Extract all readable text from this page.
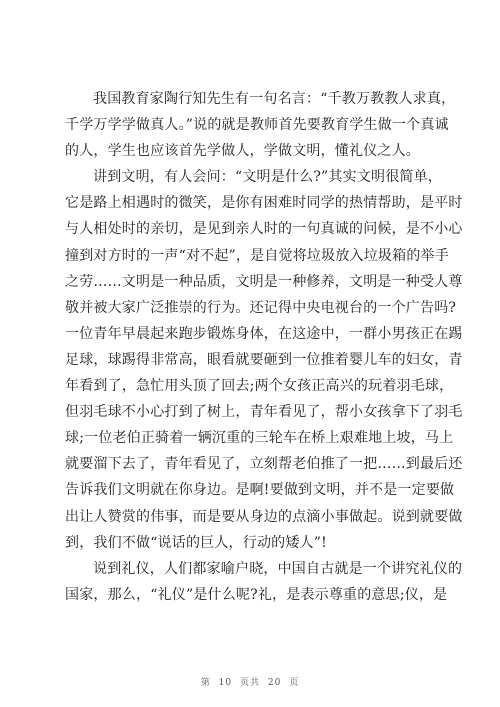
我国教育家陶行知先生有一句名言：“千教万教教人求真，
千学万学学做真人。”说的就是教师首先要教育学生做一个真诚
的人，学生也应该首先学做人，学做文明，懂礼仪之人。
讲到文明，有人会问：“文明是什么?”其实文明很简单，
它是路上相遇时的微笑，是你有困难时同学的热情帮助，是平时
与人相处时的亲切，是见到亲人时的一句真诚的问候，是不小心
撞到对方时的一声“对不起”，是自觉将垃圾放入垃圾箱的举手
之劳……文明是一种品质，文明是一种修养，文明是一种受人尊
敬并被大家广泛推崇的行为。还记得中央电视台的一个广告吗?
一位青年早晨起来跑步锻炼身体，在这途中，一群小男孩正在踢
足球，球踢得非常高，眼看就要砸到一位推着婴儿车的妇女，青
年看到了，急忙用头顶了回去;两个女孩正高兴的玩着羽毛球，
但羽毛球不小心打到了树上，青年看见了，帮小女孩拿下了羽毛
球;一位老伯正骑着一辆沉重的三轮车在桥上艰难地上坡，马上
就要溜下去了，青年看见了，立刻帮老伯推了一把……到最后还
告诉我们文明就在你身边。是啊!要做到文明，并不是一定要做
出让人赞赏的伟事，而是要从身边的点滴小事做起。说到就要做
到，我们不做“说话的巨人，行动的矮人”!
说到礼仪，人们都家喻户晓，中国自古就是一个讲究礼仪的
国家，那么，“礼仪”是什么呢?礼，是表示尊重的意思;仪，是
第 10 页共 20 页
